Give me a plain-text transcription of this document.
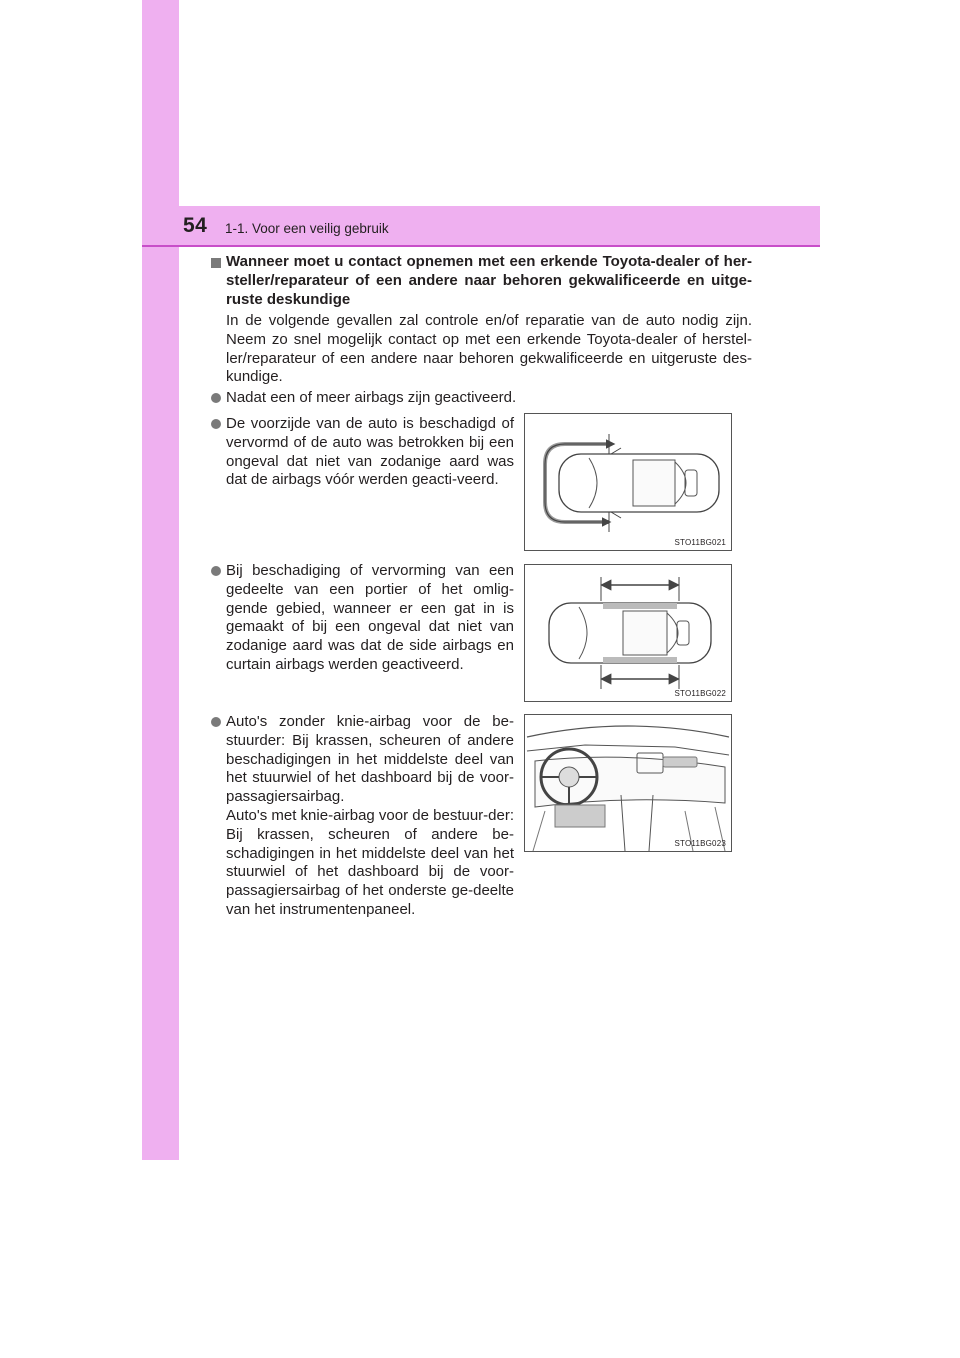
54 1-1. Voor een veilig gebruik
Wanneer moet u contact opnemen met een erkende Toyota-dealer of her-steller/reparateur of een andere naar behoren gekwalificeerde en uitge-ruste deskundige
In de volgende gevallen zal controle en/of reparatie van de auto nodig zijn. Neem zo snel mogelijk contact op met een erkende Toyota-dealer of herstel-ler/reparateur of een andere naar behoren gekwalificeerde en uitgeruste des-kundige.
Nadat een of meer airbags zijn geactiveerd.
De voorzijde van de auto is beschadigd of vervormd of de auto was betrokken bij een ongeval dat niet van zodanige aard was dat de airbags vóór werden geacti-veerd.
Bij beschadiging of vervorming van een gedeelte van een portier of het omlig-gende gebied, wanneer er een gat in is gemaakt of bij een ongeval dat niet van zodanige aard was dat de side airbags en curtain airbags werden geactiveerd.
Auto's zonder knie-airbag voor de be-stuurder: Bij krassen, scheuren of andere beschadigingen in het middelste deel van het stuurwiel of het dashboard bij de voor-passagiersairbag.
Auto's met knie-airbag voor de bestuur-der: Bij krassen, scheuren of andere be-schadigingen in het middelste deel van het stuurwiel of het dashboard bij de voor-passagiersairbag of het onderste ge-deelte van het instrumentenpaneel.
STO11BG021
STO11BG022
STO11BG023
